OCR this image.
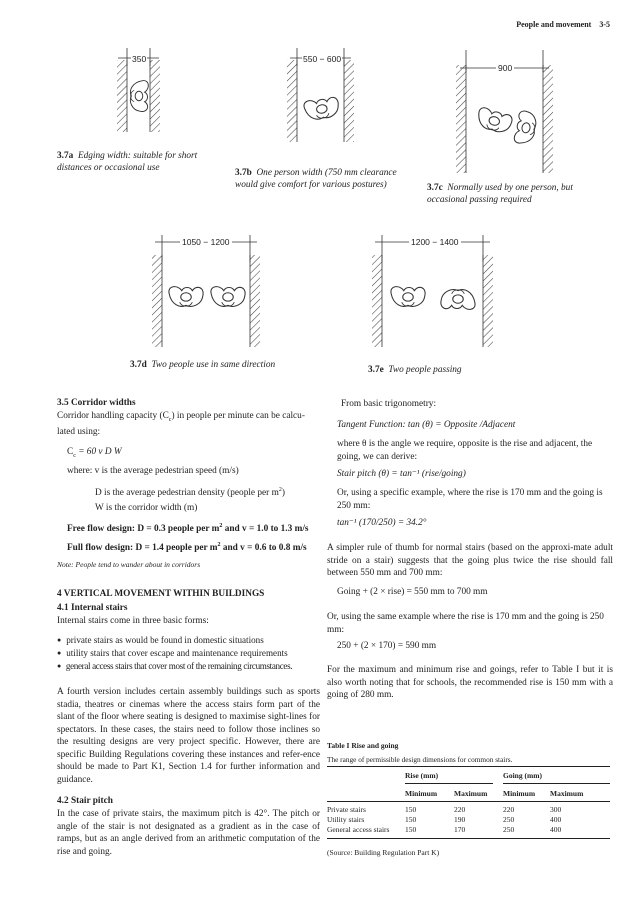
People and movement 3-5
350	550 − 600
900
1050 − 1200	1200 − 1400
3.7a Edging width: suitable for short distances or occasional use	3.7b One person width (750 mm clearance would give comfort for various postures)	3.7c Normally used by one person, but occasional passing required
3.7d Two people use in same direction	3.7e Two people passing
3.5 Corridor widths
Corridor handling capacity $(C_c)$ in people per minute can be calcu-
lated using:
$C_c = 60$ v D W
where: v is the average pedestrian speed (m/s)
D is the average pedestrian density (people per $m^2$)
W is the corridor width (m)
Free flow design: D = 0.3 people per $m^2$ and v = 1.0 to 1.3 m/s
Full flow design: D = 1.4 people per $m^2$ and v = 0.6 to 0.8 m/s
Note: People tend to wander about in corridors
4 VERTICAL MOVEMENT WITHIN BUILDINGS
4.1 Internal stairs
Internal stairs come in three basic forms:
● private stairs as would be found in domestic situations
● utility stairs that cover escape and maintenance requirements
● general access stairs that cover most of the remaining circumstances.
A fourth version includes certain assembly buildings such as sports stadia, theatres or cinemas where the access stairs form part of the slant of the floor where seating is designed to maximise sight-lines for spectators. In these cases, the stairs need to follow those inclines so the resulting designs are very project specific. However, there are specific Building Regulations covering these instances and refer-ence should be made to Part K1, Section 1.4 for further information and guidance.
4.2 Stair pitch
In the case of private stairs, the maximum pitch is 42°. The pitch or angle of the stair is not designated as a gradient as in the case of ramps, but as an angle derived from an arithmetic computation of the rise and going.
From basic trigonometry:
Tangent Function: tan (θ) = Opposite /Adjacent
where θ is the angle we require, opposite is the rise and adjacent, the going, we can derive:
Stair pitch (θ) = tan⁻¹ (rise/going)
Or, using a specific example, where the rise is 170 mm and the going is 250 mm:
tan⁻¹ (170/250) = 34.2°
A simpler rule of thumb for normal stairs (based on the approxi-mate adult stride on a stair) suggests that the going plus twice the rise should fall between 550 mm and 700 mm:
Going + (2 × rise) = 550 mm to 700 mm
Or, using the same example where the rise is 170 mm and the going is 250 mm:
250 + (2 × 170) = 590 mm
For the maximum and minimum rise and goings, refer to Table I but it is also worth noting that for schools, the recommended rise is 150 mm with a going of 280 mm.
Table I Rise and going
The range of permissible design dimensions for common stairs.
Rise (mm)	Going (mm)
Minimum Maximum Minimum Maximum
Private stairs	150	220	220	300
Utility stairs	150	190	250	400
General access stairs 150	170	250	400
(Source: Building Regulation Part K)
